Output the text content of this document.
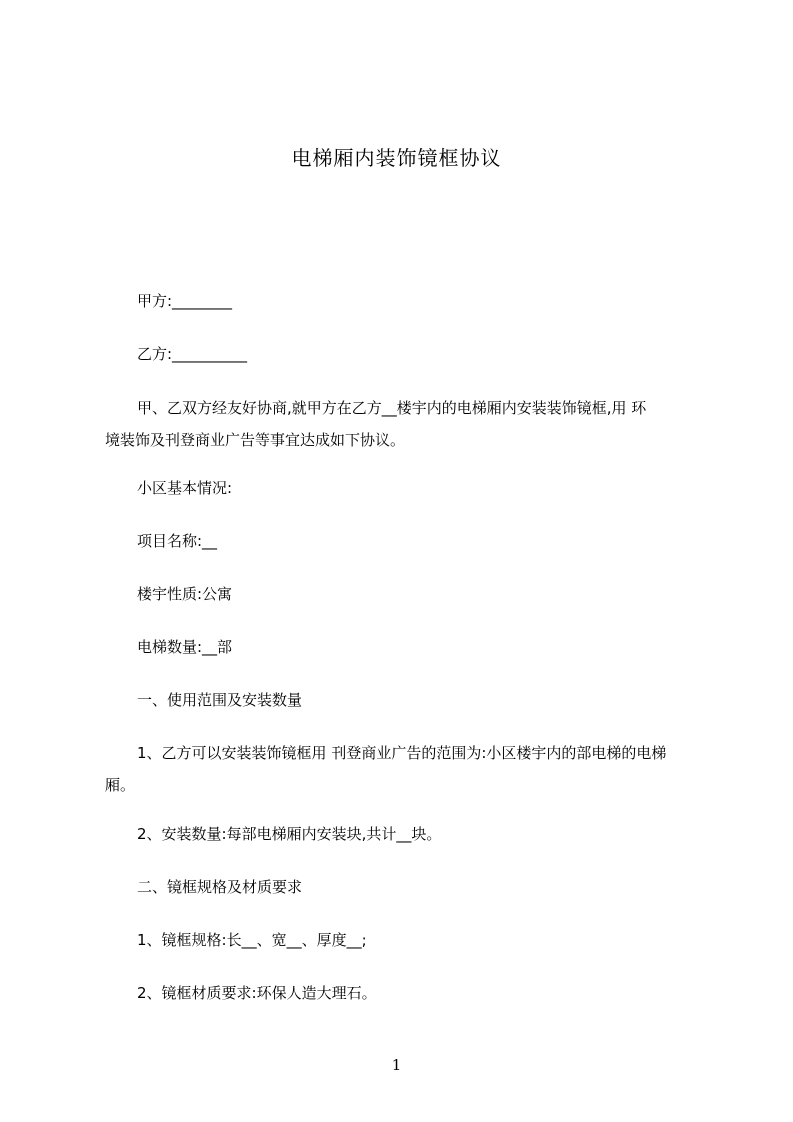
电梯厢内装饰镜框协议
甲方:________
乙方:__________
甲、乙双方经友好协商,就甲方在乙方__楼宇内的电梯厢内安装装饰镜框,用 环
境装饰及刊登商业广告等事宜达成如下协议。
小区基本情况:
项目名称:__
楼宇性质:公寓
电梯数量:__部
一、使用范围及安装数量
1、乙方可以安装装饰镜框用 刊登商业广告的范围为:小区楼宇内的部电梯的电梯
厢。
2、安装数量:每部电梯厢内安装块,共计__块。
二、镜框规格及材质要求
1、镜框规格:长__、宽__、厚度__;
2、镜框材质要求:环保人造大理石。
1
